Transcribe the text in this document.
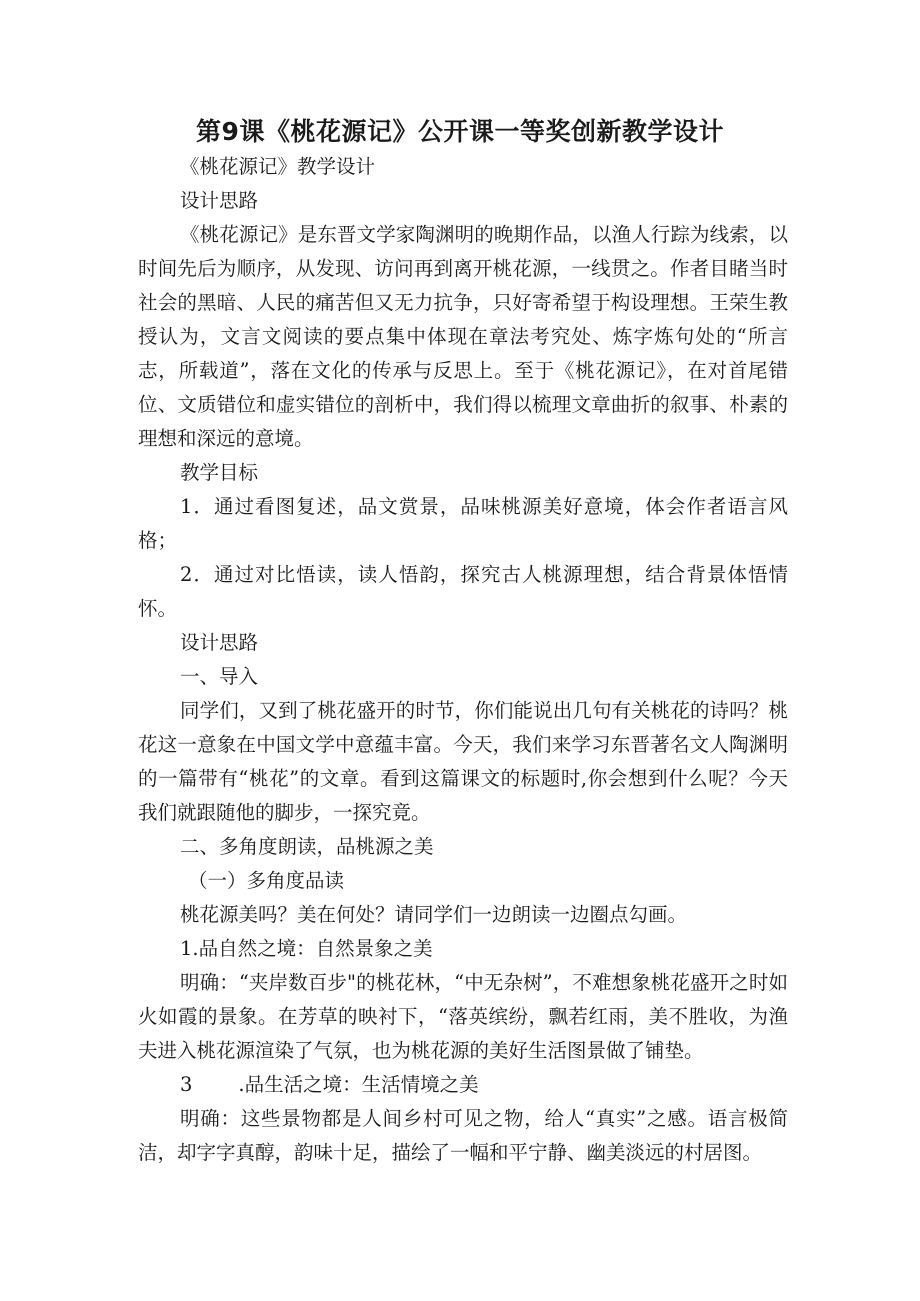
第9课《桃花源记》公开课一等奖创新教学设计

《桃花源记》教学设计

设计思路

《桃花源记》是东晋文学家陶渊明的晚期作品，以渔人行踪为线索，以时间先后为顺序，从发现、访问再到离开桃花源，一线贯之。作者目睹当时社会的黑暗、人民的痛苦但又无力抗争，只好寄希望于构设理想。王荣生教授认为，文言文阅读的要点集中体现在章法考究处、炼字炼句处的“所言志，所载道”，落在文化的传承与反思上。至于《桃花源记》，在对首尾错位、文质错位和虚实错位的剖析中，我们得以梳理文章曲折的叙事、朴素的理想和深远的意境。

教学目标

1．通过看图复述，品文赏景，品味桃源美好意境，体会作者语言风格；

2．通过对比悟读，读人悟韵，探究古人桃源理想，结合背景体悟情怀。

设计思路

一、导入

同学们，又到了桃花盛开的时节，你们能说出几句有关桃花的诗吗？桃花这一意象在中国文学中意蕴丰富。今天，我们来学习东晋著名文人陶渊明的一篇带有“桃花”的文章。看到这篇课文的标题时,你会想到什么呢？今天我们就跟随他的脚步，一探究竟。

二、多角度朗读，品桃源之美

（一）多角度品读

桃花源美吗？美在何处？请同学们一边朗读一边圈点勾画。

1.品自然之境：自然景象之美

明确：“夹岸数百步"的桃花林，“中无杂树”，不难想象桃花盛开之时如火如霞的景象。在芳草的映衬下，“落英缤纷，飘若红雨，美不胜收，为渔夫进入桃花源渲染了气氛，也为桃花源的美好生活图景做了铺垫。

3 .品生活之境：生活情境之美

明确：这些景物都是人间乡村可见之物，给人“真实”之感。语言极简洁，却字字真醇，韵味十足，描绘了一幅和平宁静、幽美淡远的村居图。
